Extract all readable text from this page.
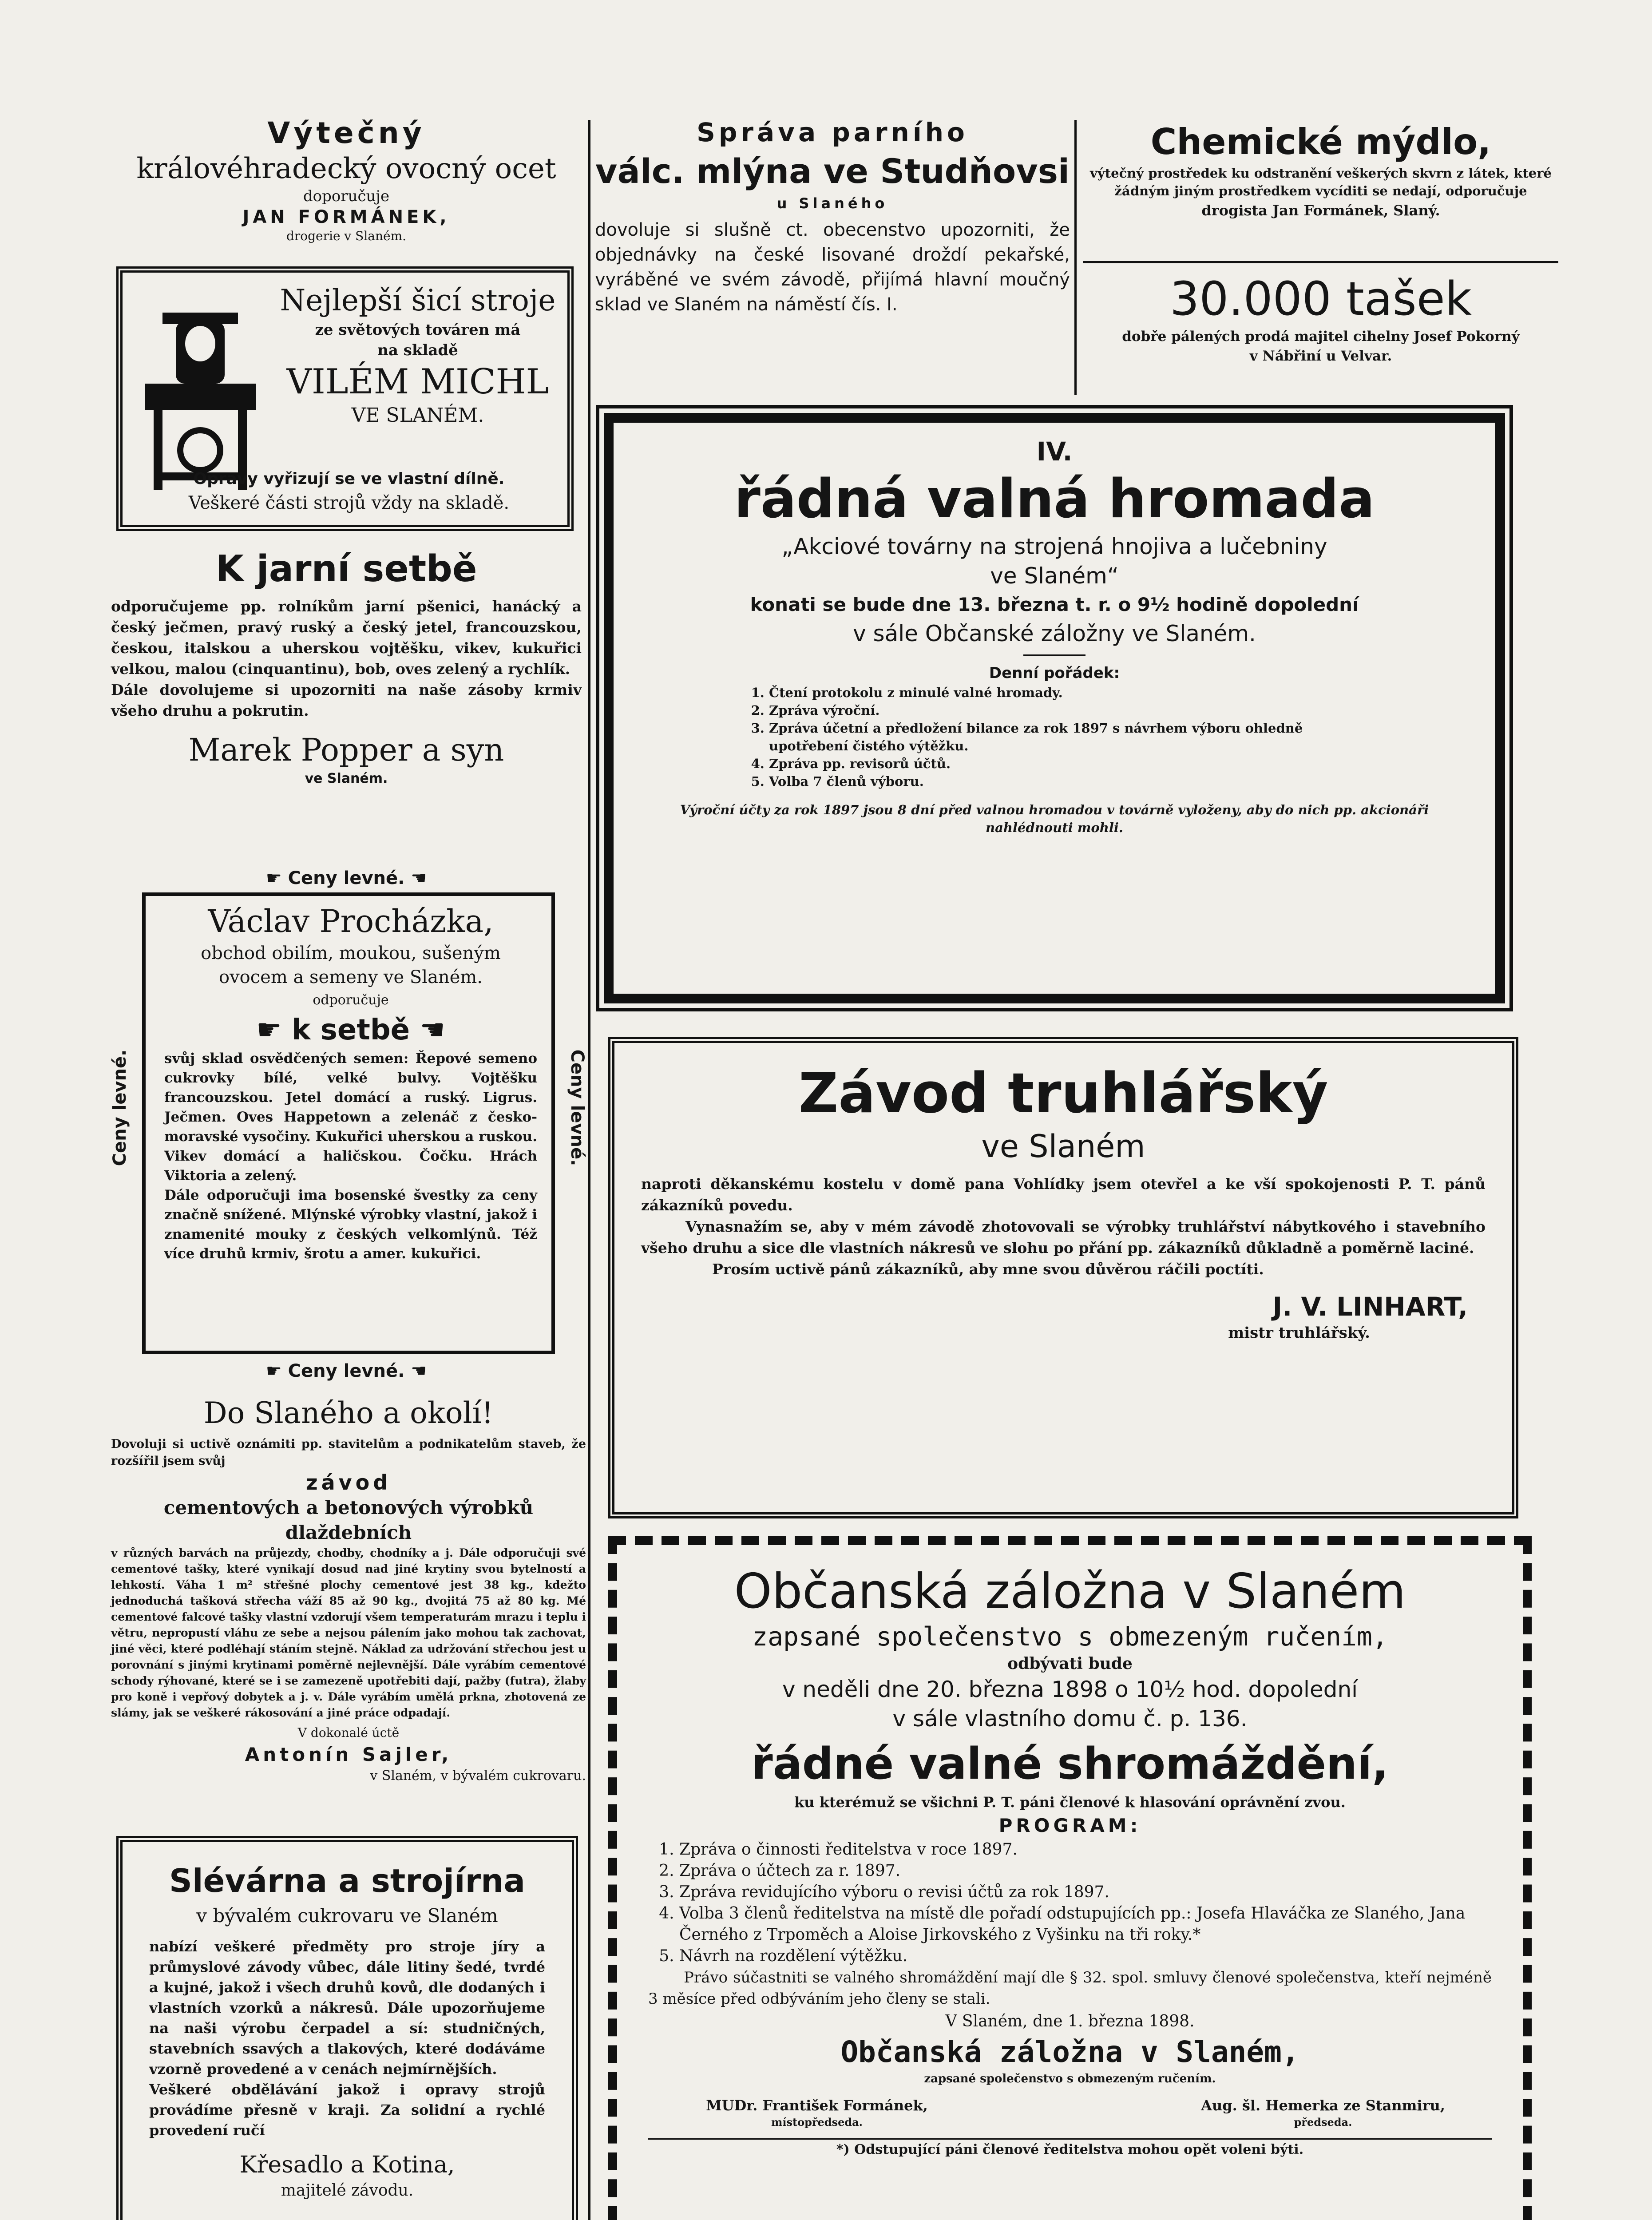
Výtečný
královéhradecký ovocný ocet
doporučuje
JAN FORMÁNEK,
drogerie v Slaném.
Nejlepší šicí stroje
ze světových továren má
na skladě
VILÉM MICHL
VE SLANÉM.
Opravy vyřizují se ve vlastní dílně.
Veškeré části strojů vždy na skladě.
K jarní setbě

odporučujeme pp. rolníkům jarní pšenici, hanácký a český ječmen, pravý ruský a český jetel, francouzskou, českou, italskou a uherskou vojtěšku, vikev, kukuřici velkou, malou (cinquantinu), bob, oves zelený a rychlík.

Dále dovolujeme si upozorniti na naše zásoby krmiv všeho druhu a pokrutin.

Marek Popper a syn
ve Slaném.
☛ Ceny levné. ☚
Ceny levné.	Ceny levné.
Václav Procházka,
obchod obilím, moukou, sušeným ovocem a semeny ve Slaném.
odporučuje
☛ k setbě ☚

svůj sklad osvědčených semen: Řepové semeno cukrovky bílé, velké bulvy. Vojtěšku francouzskou. Jetel domácí a ruský. Ligrus. Ječmen. Oves Happetown a zelenáč z česko-moravské vysočiny. Kukuřici uherskou a ruskou. Vikev domácí a haličskou. Čočku. Hrách Viktoria a zelený.

Dále odporučuji ima bosenské švestky za ceny značně snížené. Mlýnské výrobky vlastní, jakož i znamenité mouky z českých velkomlýnů. Též více druhů krmiv, šrotu a amer. kukuřici.

☛ Ceny levné. ☚
Do Slaného a okolí!

Dovoluji si uctivě oznámiti pp. stavitelům a podnikatelům staveb, že rozšířil jsem svůj

závod
cementových a betonových výrobků dlaždebních

v různých barvách na průjezdy, chodby, chodníky a j. Dále odporučuji své cementové tašky, které vynikají dosud nad jiné krytiny svou bytelností a lehkostí. Váha 1 m² střešné plochy cementové jest 38 kg., kdežto jednoduchá tašková střecha váží 85 až 90 kg., dvojitá 75 až 80 kg. Mé cementové falcové tašky vlastní vzdorují všem temperaturám mrazu i teplu i větru, nepropustí vláhu ze sebe a nejsou pálením jako mohou tak zachovat, jiné věci, které podléhají stáním stejně. Náklad za udržování střechou jest u porovnání s jinými krytinami poměrně nejlevnější. Dále vyrábím cementové schody rýhované, které se i se zamezeně upotřebiti dají, pažby (futra), žlaby pro koně i vepřový dobytek a j. v. Dále vyrábím umělá prkna, zhotovená ze slámy, jak se veškeré rákosování a jiné práce odpadají.

V dokonalé úctě
Antonín Sajler,
v Slaném, v bývalém cukrovaru.
Slévárna a strojírna
v bývalém cukrovaru ve Slaném

nabízí veškeré předměty pro stroje jíry a průmyslové závody vůbec, dále litiny šedé, tvrdé a kujné, jakož i všech druhů kovů, dle dodaných i vlastních vzorků a nákresů. Dále upozorňujeme na naši výrobu čerpadel a sí: studničných, stavebních ssavých a tlakových, které dodáváme vzorně provedené a v cenách nejmírnějších.

Veškeré obdělávání jakož i opravy strojů provádíme přesně v kraji. Za solidní a rychlé provedení ručí

Křesadlo a Kotina,
majitelé závodu.
Správa parního
válc. mlýna ve Studňovsi
u Slaného

dovoluje si slušně ct. obecenstvo upozorniti, že objednávky na české lisované droždí pekařské, vyráběné ve svém závodě, přijímá hlavní moučný sklad ve Slaném na náměstí čís. I.

Chemické mýdlo,

výtečný prostředek ku odstranění veškerých skvrn z látek, které žádným jiným prostředkem vycíditi se nedají, odporučuje

drogista Jan Formánek, Slaný.
30.000 tašek
dobře pálených prodá majitel cihelny Josef Pokorný
v Nábřiní u Velvar.
IV.
řádná valná hromada
„Akciové továrny na strojená hnojiva a lučebniny
ve Slaném“
konati se bude dne 13. března t. r. o 9½ hodině dopolední
v sále Občanské záložny ve Slaném.
Denní pořádek:
1. Čtení protokolu z minulé valné hromady.
2. Zpráva výroční.
3. Zpráva účetní a předložení bilance za rok 1897 s návrhem výboru ohledně upotřebení čistého výtěžku.
4. Zpráva pp. revisorů účtů.
5. Volba 7 členů výboru.

Výroční účty za rok 1897 jsou 8 dní před valnou hromadou v továrně vyloženy, aby do nich pp. akcionáři nahlédnouti mohli.

Závod truhlářský
ve Slaném

naproti děkanskému kostelu v domě pana Vohlídky jsem otevřel a ke vší spokojenosti P. T. pánů zákazníků povedu.

Vynasnažím se, aby v mém závodě zhotovovali se výrobky truhlářství nábytkového i stavebního všeho druhu a sice dle vlastních nákresů ve slohu po přání pp. zákazníků důkladně a poměrně laciné.

Prosím uctivě pánů zákazníků, aby mne svou důvěrou ráčili poctíti.

J. V. LINHART,
mistr truhlářský.
Občanská záložna v Slaném
zapsané společenstvo s obmezeným ručením,
odbývati bude
v neděli dne 20. března 1898 o 10½ hod. dopolední
v sále vlastního domu č. p. 136.
řádné valné shromáždění,
ku kterémuž se všichni P. T. páni členové k hlasování oprávnění zvou.
PROGRAM:
1. Zpráva o činnosti ředitelstva v roce 1897.
2. Zpráva o účtech za r. 1897.
3. Zpráva revidujícího výboru o revisi účtů za rok 1897.
4. Volba 3 členů ředitelstva na místě dle pořadí odstupujících pp.: Josefa Hlaváčka ze Slaného, Jana Černého z Trpoměch a Aloise Jirkovského z Vyšinku na tři roky.*
5. Návrh na rozdělení výtěžku.

Právo súčastniti se valného shromáždění mají dle § 32. spol. smluvy členové společenstva, kteří nejméně 3 měsíce před odbýváním jeho členy se stali.

V Slaném, dne 1. března 1898.
Občanská záložna v Slaném,
zapsané společenstvo s obmezeným ručením.
MUDr. František Formánek,
místopředseda.
Aug. šl. Hemerka ze Stanmiru,
předseda.
*) Odstupující páni členové ředitelstva mohou opět voleni býti.
